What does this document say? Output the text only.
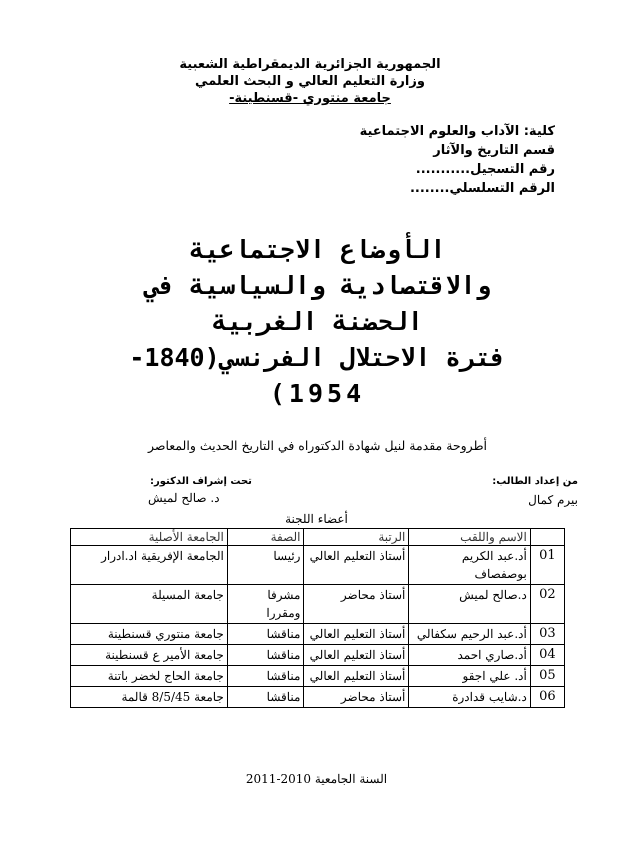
الجمهورية الجزائرية الديمقراطية الشعبية
وزارة التعليم العالي و البحث العلمي
جامعة منتوري -قسنطينة-
كلية: الآداب والعلوم الاجتماعية
قسم التاريخ والآثار
رقم التسجيل...........
الرقم التسلسلي........
الأوضاع الاجتماعية
والاقتصادية والسياسية في
الحضنة الغربية
فترة الاحتلال الفرنسي(1840-
1954)
أطروحة مقدمة لنيل شهادة الدكتوراه في التاريخ الحديث والمعاصر
من إعداد الطالب:
بيرم كمال
تحت إشراف الدكتور:
د. صالح لميش
أعضاء اللجنة
	الاسم واللقب	الرتبة	الصفة	الجامعة الأصلية
01	أد.عبد الكريم بوصفصاف	أستاذ التعليم العالي	رئيسا	الجامعة الإفريقية اد.ادرار
02	د.صالح لميش	أستاذ محاضر	مشرفا ومقررا	جامعة المسيلة
03	أد.عبد الرحيم سكفالي	أستاذ التعليم العالي	مناقشا	جامعة منتوري قسنطينة
04	أد.صاري احمد	أستاذ التعليم العالي	مناقشا	جامعة الأمير ع قسنطينة
05	أد. علي اجقو	أستاذ التعليم العالي	مناقشا	جامعة الحاج لخضر باتنة
06	د.شايب قدادرة	أستاذ محاضر	مناقشا	جامعة 8/5/45 قالمة
السنة الجامعية 2010-2011
